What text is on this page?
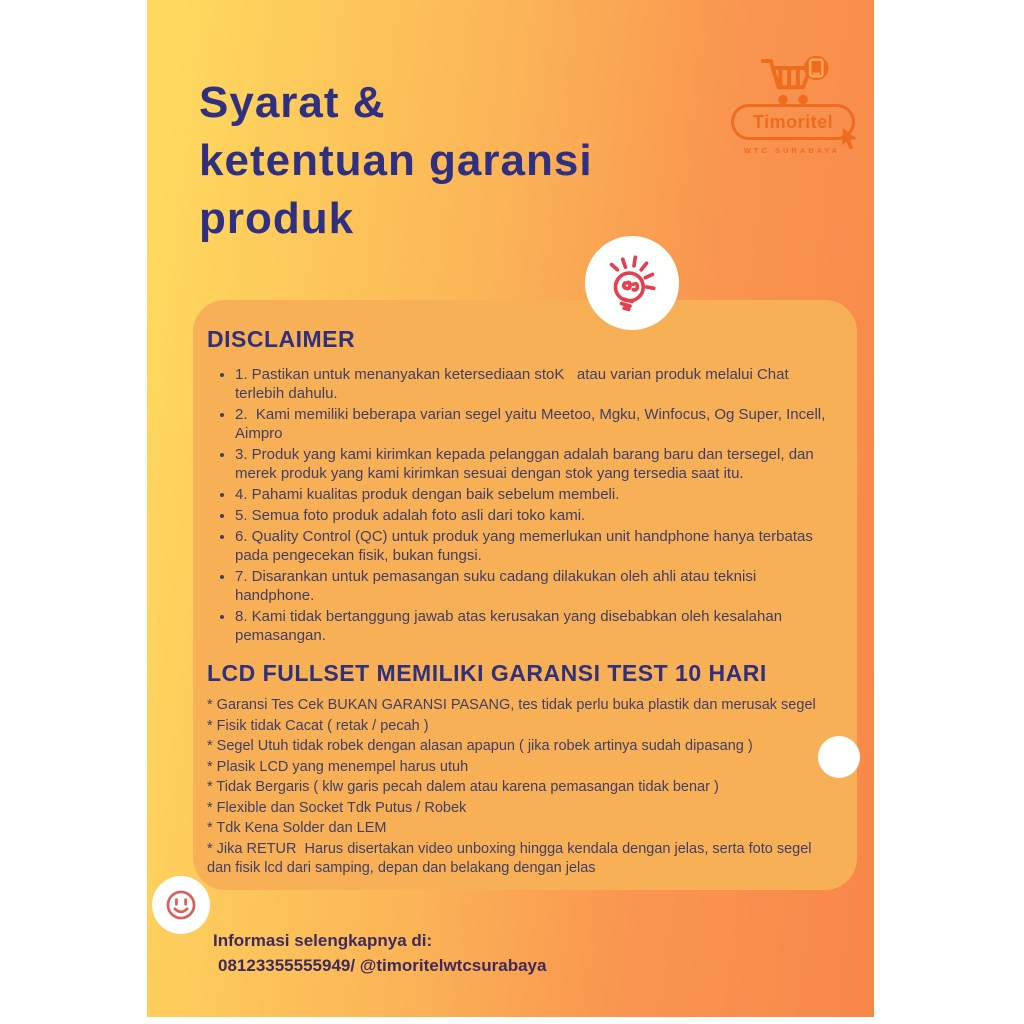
Syarat &
ketentuan garansi
produk
Timoritel
WTC SURABAYA
DISCLAIMER
• 1. Pastikan untuk menanyakan ketersediaan stoK   atau varian produk melalui Chat terlebih dahulu.
• 2.  Kami memiliki beberapa varian segel yaitu Meetoo, Mgku, Winfocus, Og Super, Incell, Aimpro
• 3. Produk yang kami kirimkan kepada pelanggan adalah barang baru dan tersegel, dan merek produk yang kami kirimkan sesuai dengan stok yang tersedia saat itu.
• 4. Pahami kualitas produk dengan baik sebelum membeli.
• 5. Semua foto produk adalah foto asli dari toko kami.
• 6. Quality Control (QC) untuk produk yang memerlukan unit handphone hanya terbatas pada pengecekan fisik, bukan fungsi.
• 7. Disarankan untuk pemasangan suku cadang dilakukan oleh ahli atau teknisi handphone.
• 8. Kami tidak bertanggung jawab atas kerusakan yang disebabkan oleh kesalahan pemasangan.
LCD FULLSET MEMILIKI GARANSI TEST 10 HARI
* Garansi Tes Cek BUKAN GARANSI PASANG, tes tidak perlu buka plastik dan merusak segel
* Fisik tidak Cacat ( retak / pecah )
* Segel Utuh tidak robek dengan alasan apapun ( jika robek artinya sudah dipasang )
* Plasik LCD yang menempel harus utuh
* Tidak Bergaris ( klw garis pecah dalem atau karena pemasangan tidak benar )
* Flexible dan Socket Tdk Putus / Robek
* Tdk Kena Solder dan LEM
* Jika RETUR  Harus disertakan video unboxing hingga kendala dengan jelas, serta foto segel dan fisik lcd dari samping, depan dan belakang dengan jelas
Informasi selengkapnya di:
08123355555949/ @timoritelwtcsurabaya
